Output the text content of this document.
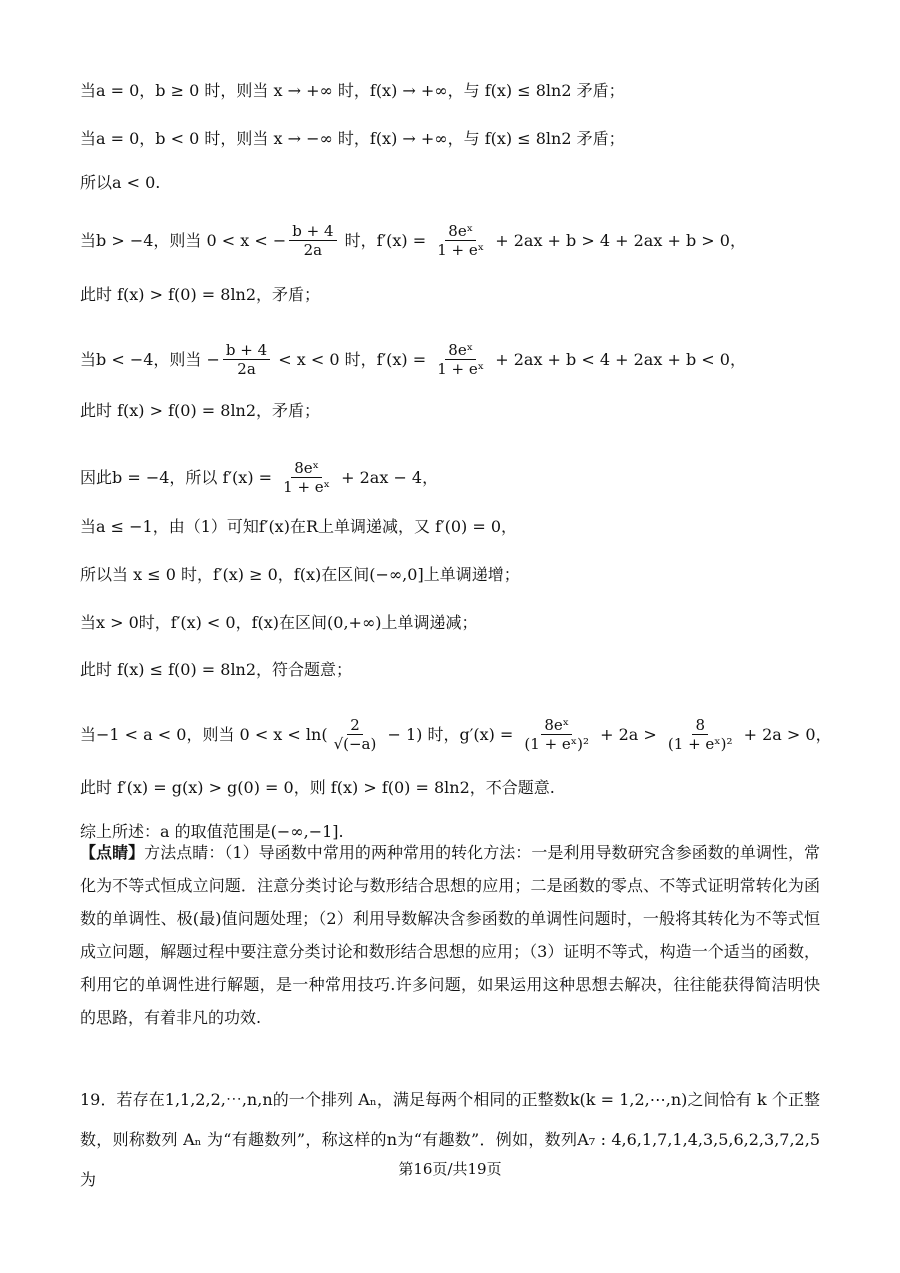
当a = 0，b ≥ 0 时，则当 x → +∞ 时，f(x) → +∞，与 f(x) ≤ 8ln2 矛盾；
当a = 0，b < 0 时，则当 x → −∞ 时，f(x) → +∞，与 f(x) ≤ 8ln2 矛盾；
所以a < 0.
当b > −4，则当 0 < x < − $\frac{b + 4}{2a}$ 时，$f'(x) = \frac{\text{8eˣ}}{\text{1 + eˣ}} + 2ax + b > 4 + 2ax + b > 0$，
此时 f(x) > f(0) = 8ln2，矛盾；
当b < −4，则当 − $\frac{b + 4}{2a} < x < 0$ 时，$f'(x) = \frac{\text{8eˣ}}{\text{1 + eˣ}} + 2ax + b < 4 + 2ax + b < 0$，
此时 f(x) > f(0) = 8ln2，矛盾；
因此b = −4，所以 $f'(x) = \frac{\text{8eˣ}}{\text{1 + eˣ}} + 2ax - 4$，
当a ≤ −1，由（1）可知f′(x)在R上单调递减，又 f′(0) = 0，
所以当 x ≤ 0 时，f′(x) ≥ 0，f(x)在区间(−∞,0]上单调递增；
当x > 0时，f′(x) < 0，f(x)在区间(0,+∞)上单调递减；
此时 f(x) ≤ f(0) = 8ln2，符合题意；
当−1 < a < 0，则当 $0 < x < \ln( \frac{2}{√(-a)} - 1)$ 时，$g'(x) = \frac{\text{8eˣ}}{\text{(1 + eˣ)²}} + 2a > \frac{8}{\text{(1 + eˣ)²}} + 2a > 0$，
此时 f′(x) = g(x) > g(0) = 0，则 f(x) > f(0) = 8ln2，不合题意.
综上所述：a 的取值范围是(−∞,−1].
【点睛】方法点睛：（1）导函数中常用的两种常用的转化方法：一是利用导数研究含参函数的单调性，常化为不等式恒成立问题．注意分类讨论与数形结合思想的应用；二是函数的零点、不等式证明常转化为函数的单调性、极(最)值问题处理；（2）利用导数解决含参函数的单调性问题时，一般将其转化为不等式恒成立问题，解题过程中要注意分类讨论和数形结合思想的应用；（3）证明不等式，构造一个适当的函数，利用它的单调性进行解题，是一种常用技巧.许多问题，如果运用这种思想去解决，往往能获得简洁明快的思路，有着非凡的功效.
19．若存在1,1,2,2,⋯,n,n的一个排列 Aₙ，满足每两个相同的正整数k(k = 1,2,⋯,n)之间恰有 k 个正整数，则称数列 Aₙ 为“有趣数列”，称这样的n为“有趣数”．例如，数列A₇ : 4,6,1,7,1,4,3,5,6,2,3,7,2,5为
第16页/共19页
